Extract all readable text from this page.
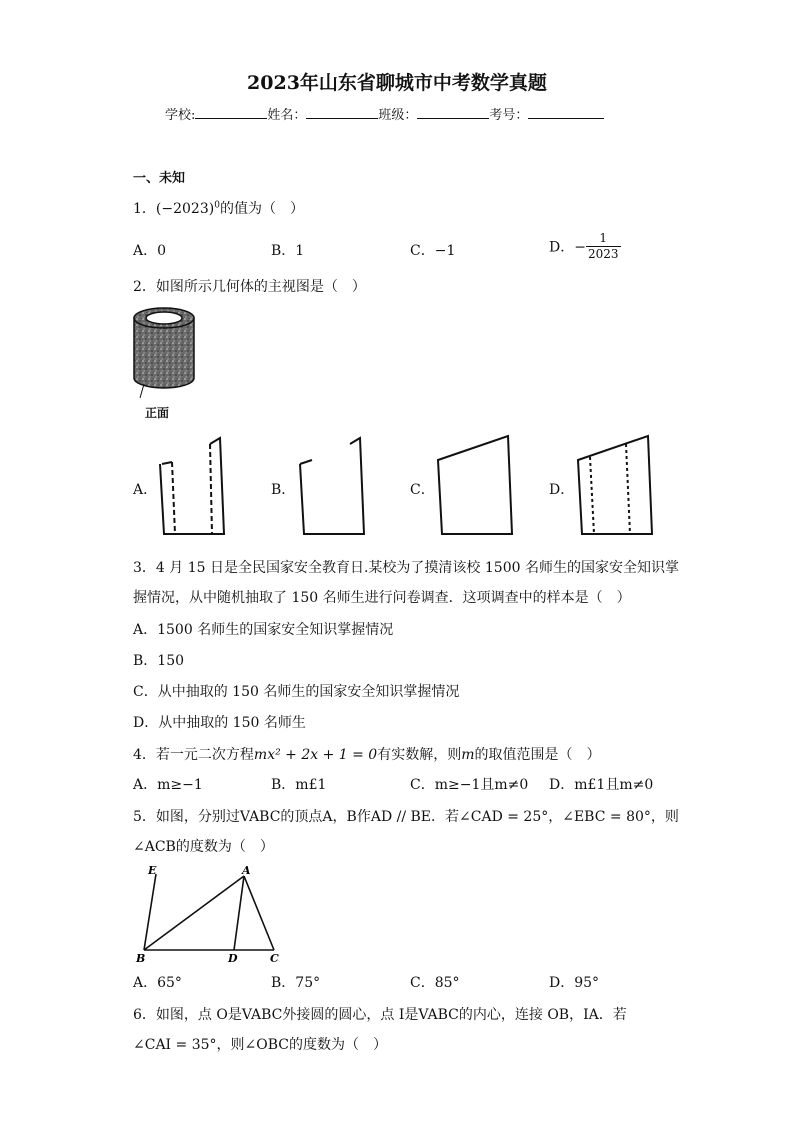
2023年山东省聊城市中考数学真题
学校:	姓名：	班级：	考号：
一、未知
1．$(-2023)^0$的值为（　）
A．0	B．1	C．−1	D．− $\frac{1}{2023}$
2．如图所示几何体的主视图是（　）
正面
A．	B．	C．	D．
3．4 月 15 日是全民国家安全教育日.某校为了摸清该校 1500 名师生的国家安全知识掌
握情况，从中随机抽取了 150 名师生进行问卷调查．这项调查中的样本是（　）
A．1500 名师生的国家安全知识掌握情况
B．150
C．从中抽取的 150 名师生的国家安全知识掌握情况
D．从中抽取的 150 名师生
4．若一元二次方程mx² + 2x + 1 = 0有实数解，则m的取值范围是（　）
A．m≥−1	B．m£1	C．m≥−1且m≠0 D．m£1且m≠0
5．如图，分别过VABC的顶点A，B作AD // BE．若∠CAD = 25°，∠EBC = 80°，则
∠ACB的度数为（　）
E	A
B	D	C
A．65°	B．75°	C．85°	D．95°
6．如图，点 O是VABC外接圆的圆心，点 I是VABC的内心，连接 OB，IA．若
∠CAI = 35°，则∠OBC的度数为（　）
